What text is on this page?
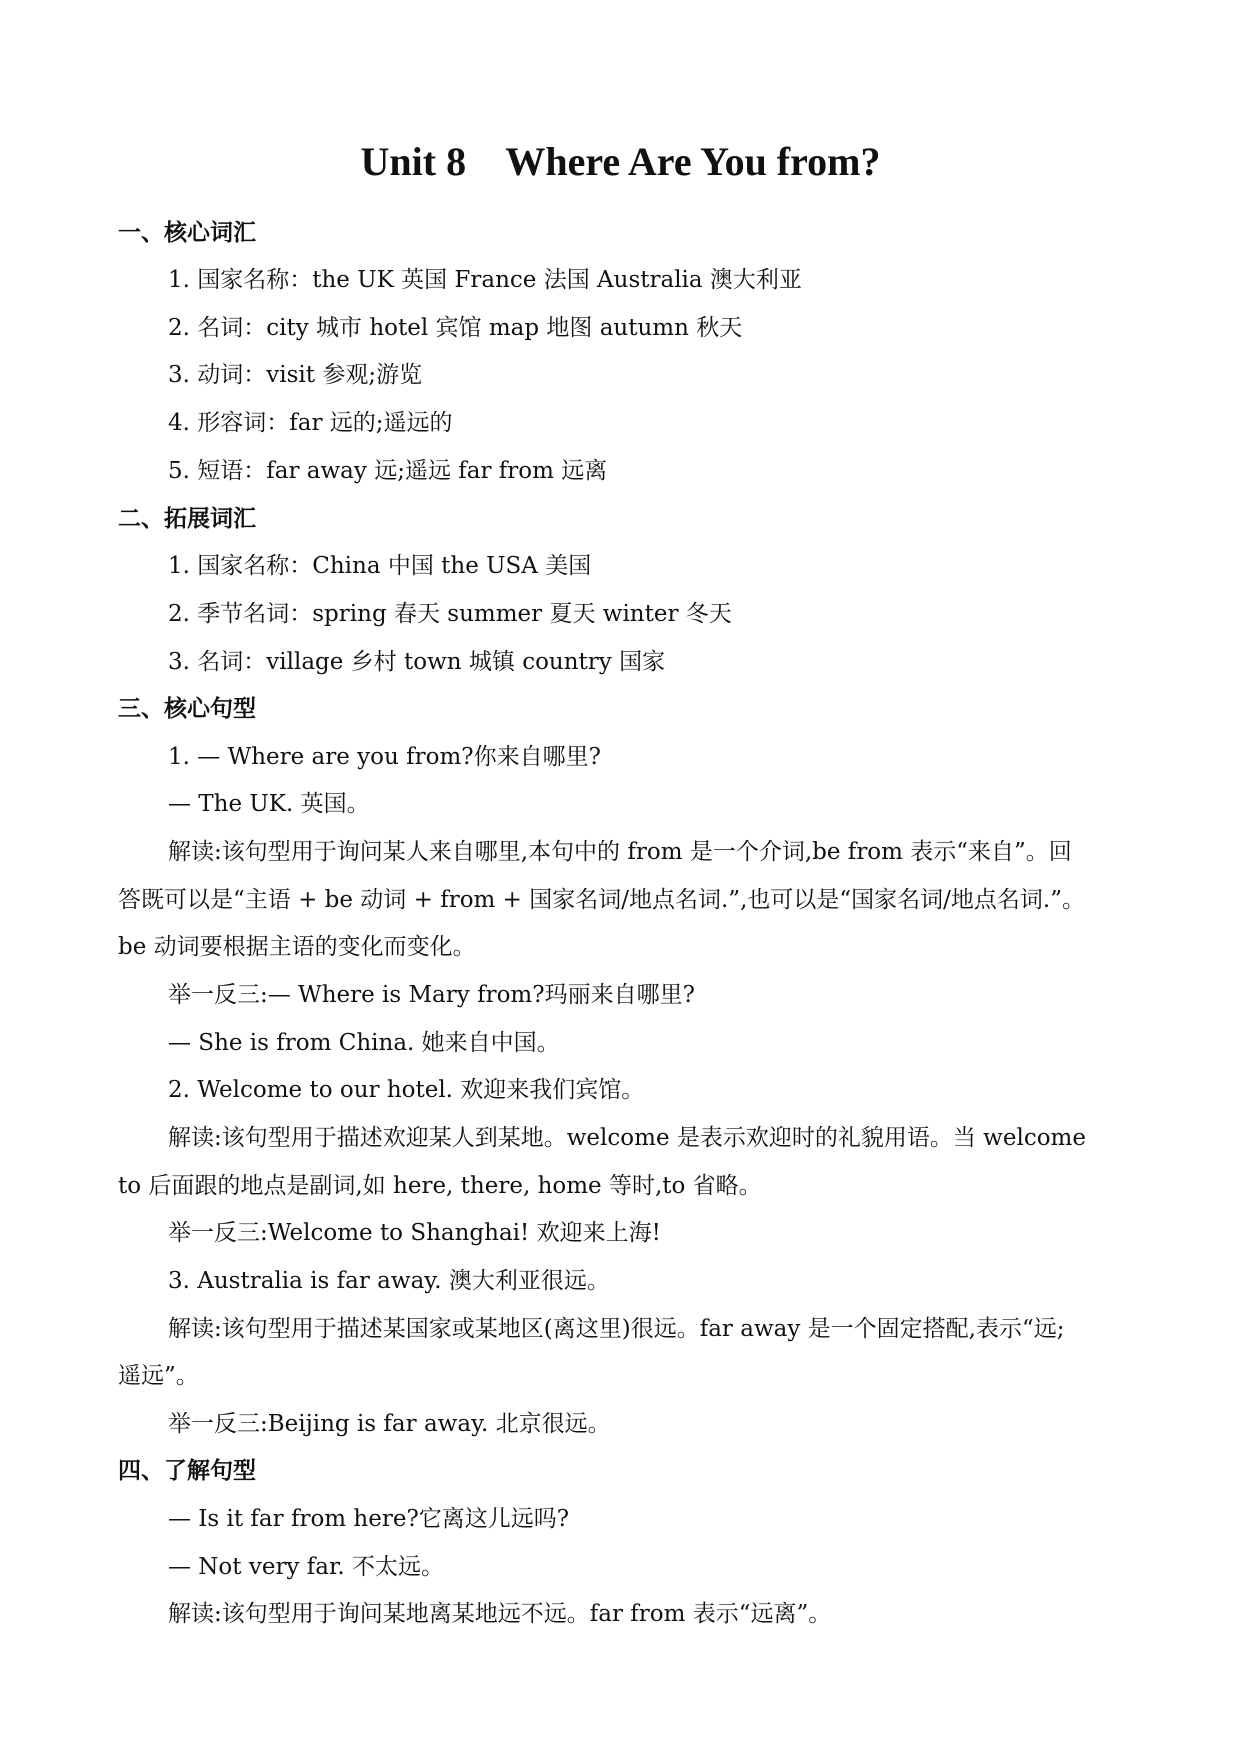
Unit 8    Where Are You from?
一、核心词汇
1. 国家名称：the UK 英国 France 法国 Australia 澳大利亚
2. 名词：city 城市 hotel 宾馆 map 地图 autumn 秋天
3. 动词：visit 参观;游览
4. 形容词：far 远的;遥远的
5. 短语：far away 远;遥远 far from 远离
二、拓展词汇
1. 国家名称：China 中国 the USA 美国
2. 季节名词：spring 春天 summer 夏天 winter 冬天
3. 名词：village 乡村 town 城镇 country 国家
三、核心句型
1. — Where are you from?你来自哪里?
— The UK. 英国。
解读:该句型用于询问某人来自哪里,本句中的 from 是一个介词,be from 表示“来自”。回
答既可以是“主语 + be 动词 + from + 国家名词/地点名词.”,也可以是“国家名词/地点名词.”。
be 动词要根据主语的变化而变化。
举一反三:— Where is Mary from?玛丽来自哪里?
— She is from China. 她来自中国。
2. Welcome to our hotel. 欢迎来我们宾馆。
解读:该句型用于描述欢迎某人到某地。welcome 是表示欢迎时的礼貌用语。当 welcome
to 后面跟的地点是副词,如 here, there, home 等时,to 省略。
举一反三:Welcome to Shanghai! 欢迎来上海!
3. Australia is far away. 澳大利亚很远。
解读:该句型用于描述某国家或某地区(离这里)很远。far away 是一个固定搭配,表示“远;
遥远”。
举一反三:Beijing is far away. 北京很远。
四、了解句型
— Is it far from here?它离这儿远吗?
— Not very far. 不太远。
解读:该句型用于询问某地离某地远不远。far from 表示“远离”。
